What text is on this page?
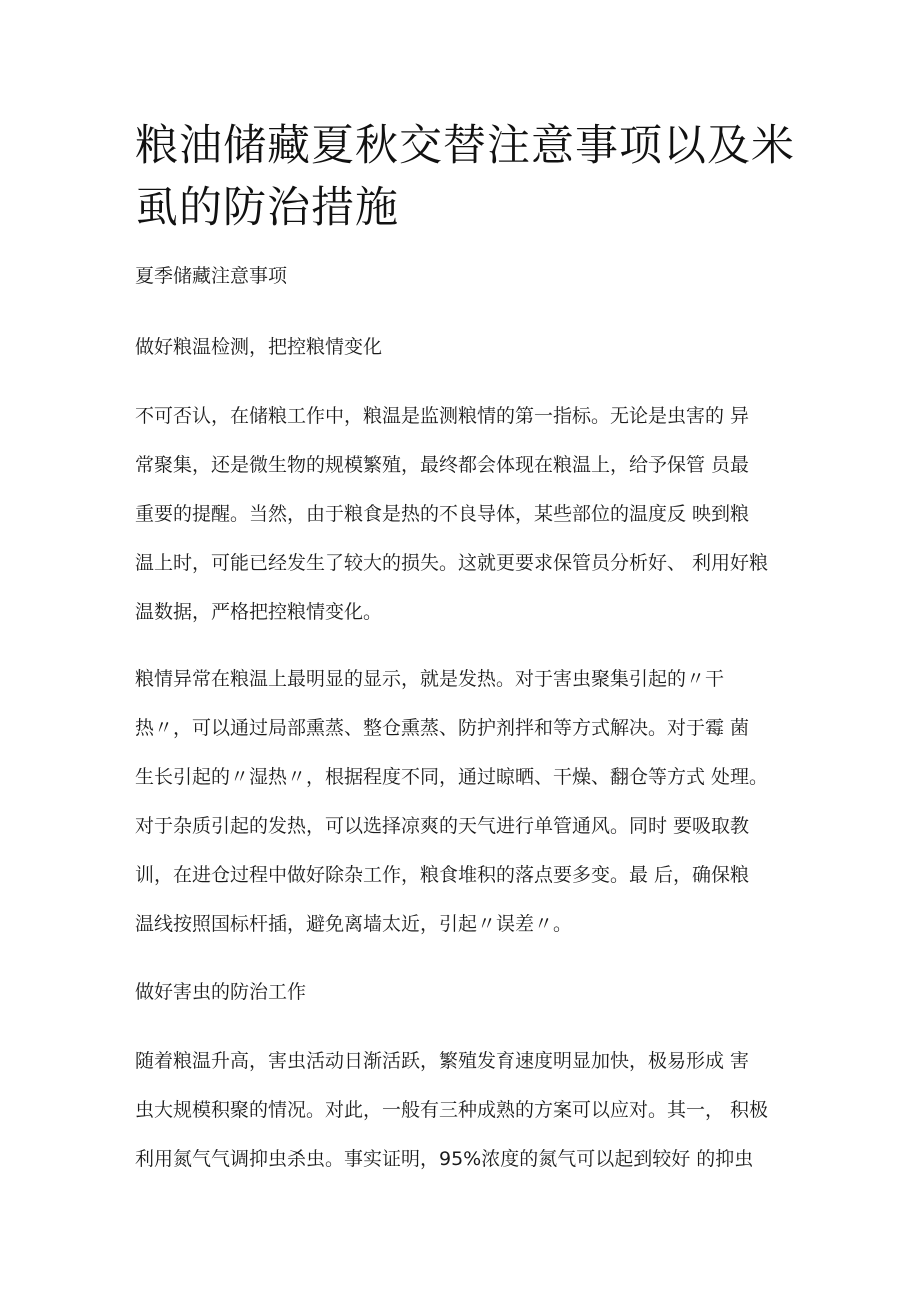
粮油储藏夏秋交替注意事项以及米
虱的防治措施
夏季储藏注意事项
做好粮温检测，把控粮情变化
不可否认，在储粮工作中，粮温是监测粮情的第一指标。无论是虫害的 异
常聚集，还是微生物的规模繁殖，最终都会体现在粮温上，给予保管 员最
重要的提醒。当然，由于粮食是热的不良导体，某些部位的温度反 映到粮
温上时，可能已经发生了较大的损失。这就更要求保管员分析好、 利用好粮
温数据，严格把控粮情变化。
粮情异常在粮温上最明显的显示，就是发热。对于害虫聚集引起的〃干
热〃，可以通过局部熏蒸、整仓熏蒸、防护剂拌和等方式解决。对于霉 菌
生长引起的〃湿热〃，根据程度不同，通过晾晒、干燥、翻仓等方式 处理。
对于杂质引起的发热，可以选择凉爽的天气进行单管通风。同时 要吸取教
训，在进仓过程中做好除杂工作，粮食堆积的落点要多变。最 后，确保粮
温线按照国标杆插，避免离墙太近，引起〃误差〃。
做好害虫的防治工作
随着粮温升高，害虫活动日渐活跃，繁殖发育速度明显加快，极易形成 害
虫大规模积聚的情况。对此，一般有三种成熟的方案可以应对。其一， 积极
利用氮气气调抑虫杀虫。事实证明，95%浓度的氮气可以起到较好 的抑虫
